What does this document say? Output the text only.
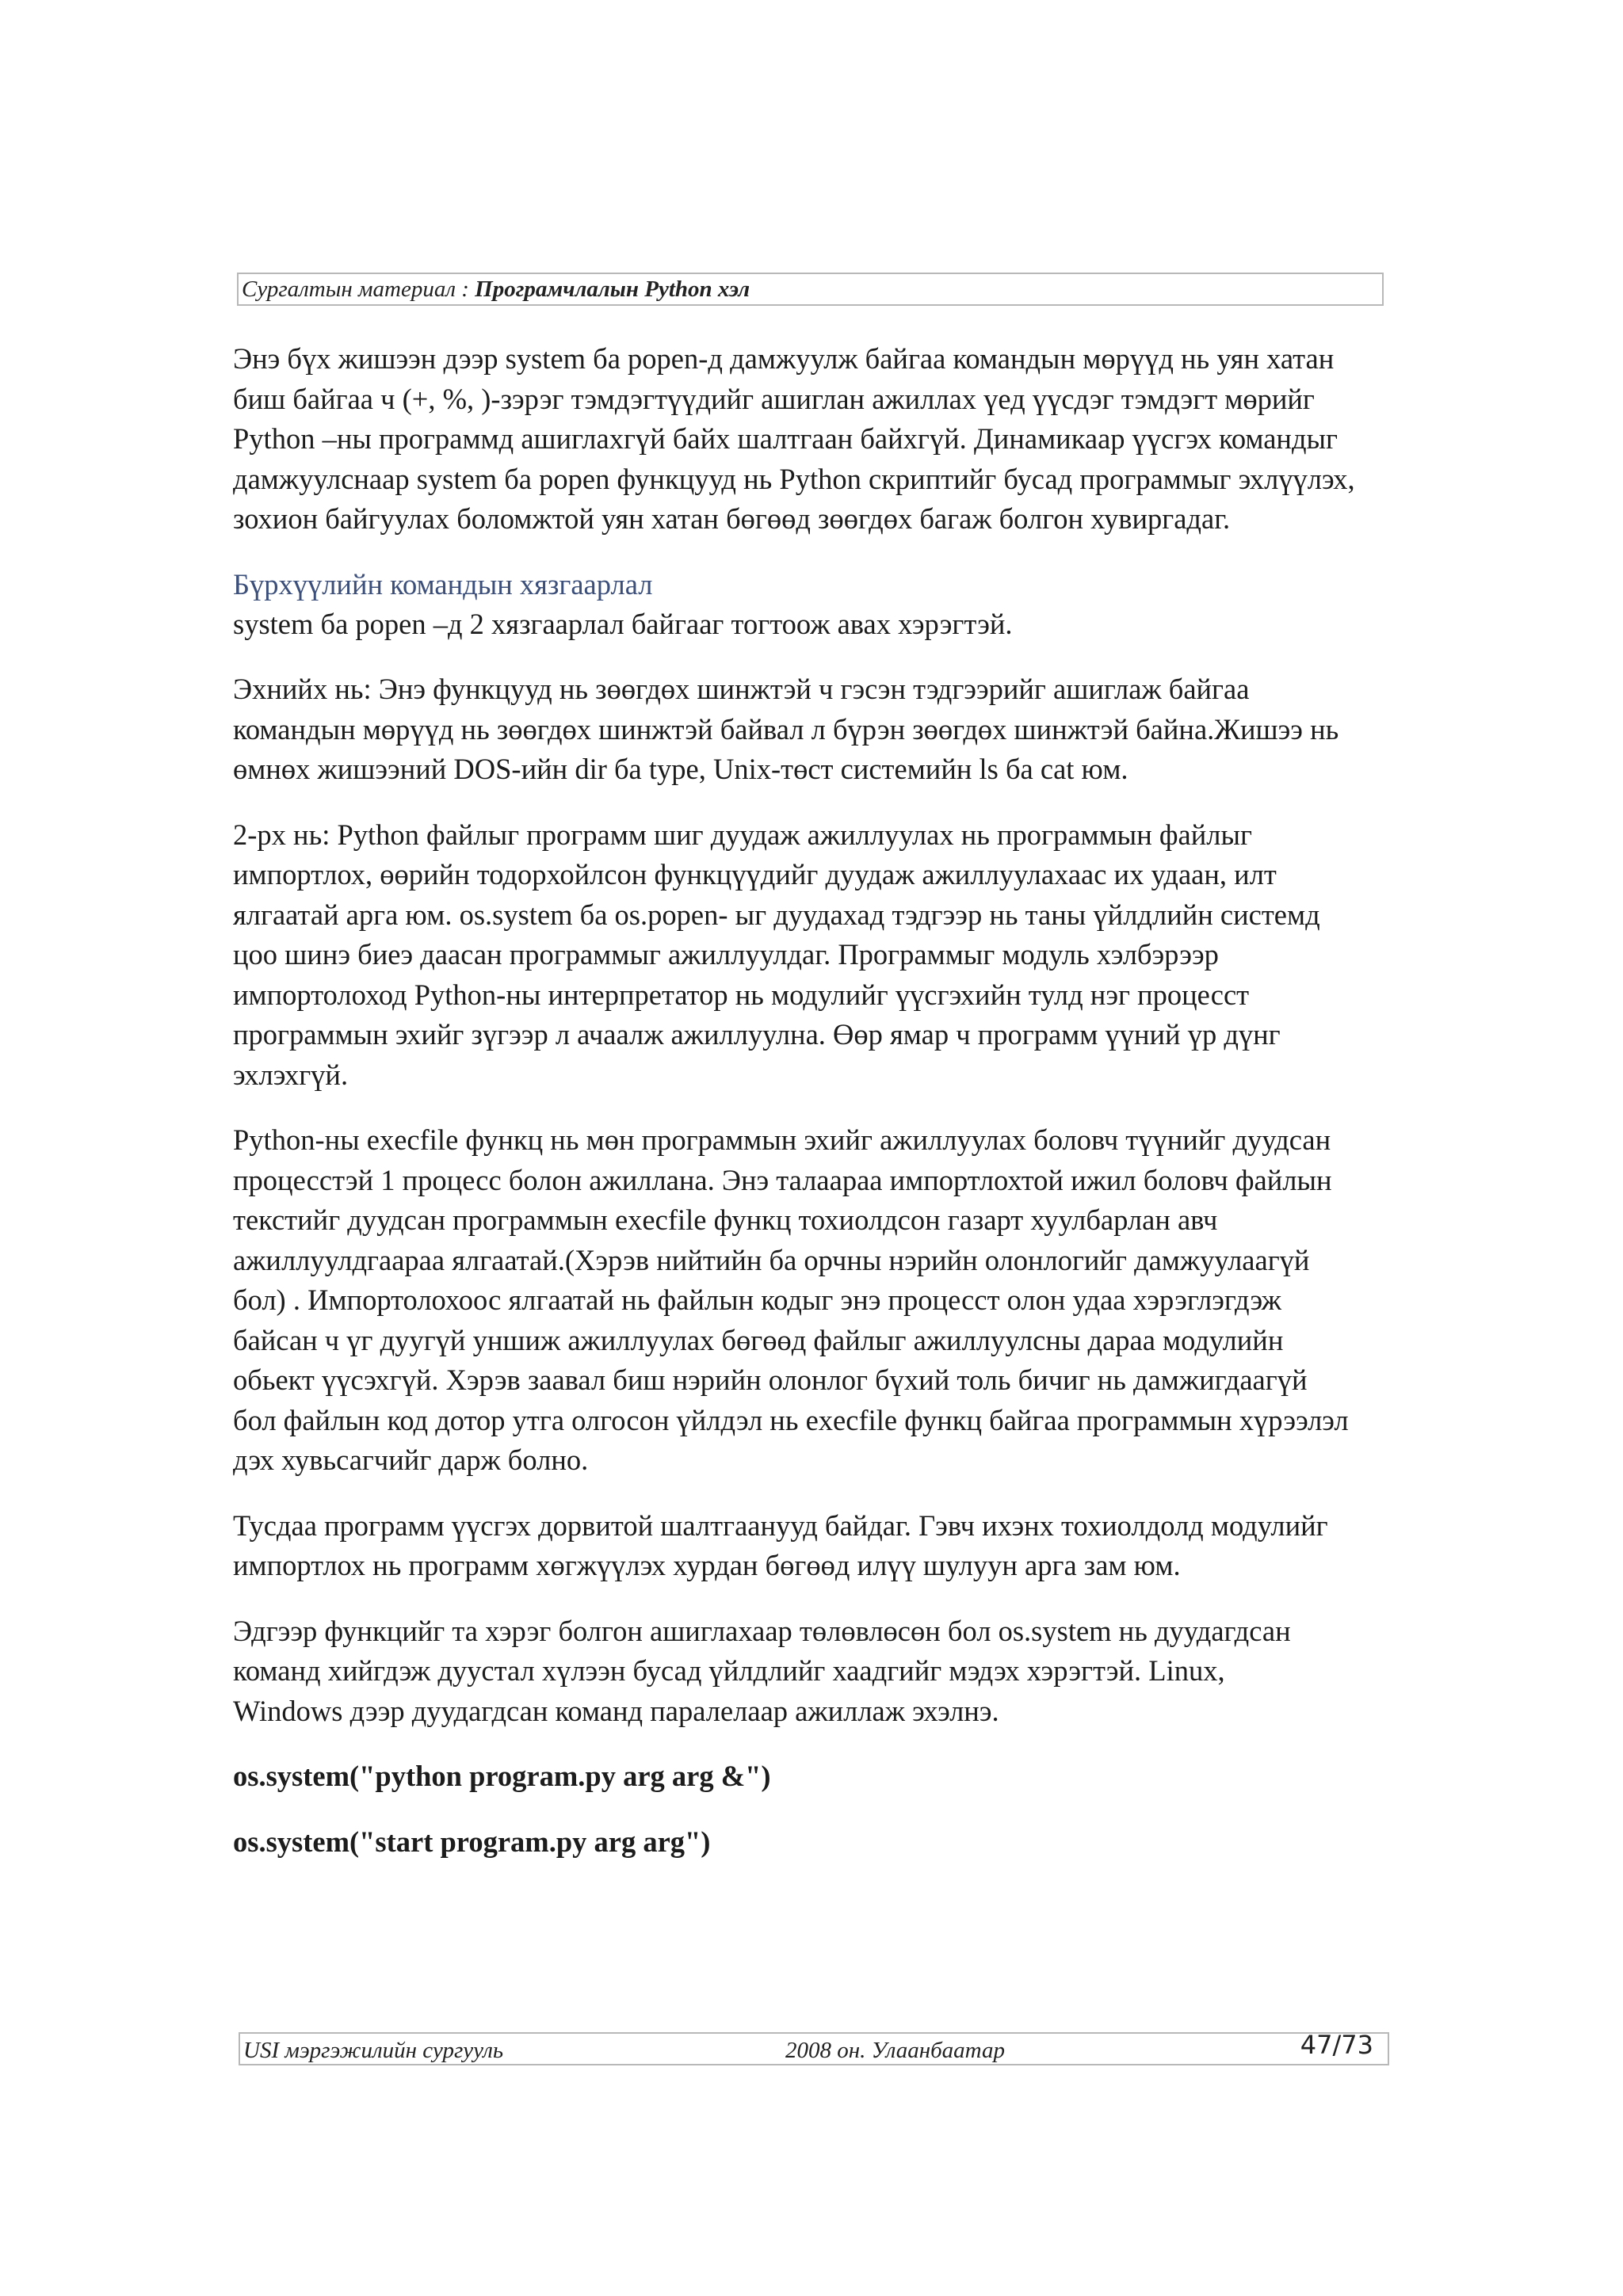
Сургалтын материал : Програмчлалын Python хэл

Энэ бүх жишээн дээр system ба popen-д дамжуулж байгаа командын мөрүүд нь уян хатан
биш байгаа ч (+, %, )-зэрэг тэмдэгтүүдийг ашиглан ажиллах үед үүсдэг тэмдэгт мөрийг
Python –ны программд ашиглахгүй байх шалтгаан байхгүй. Динамикаар үүсгэх командыг
дамжуулснаар system ба popen функцууд нь Python скриптийг бусад программыг эхлүүлэх,
зохион байгуулах боломжтой уян хатан бөгөөд зөөгдөх багаж болгон хувиргадаг.

Бүрхүүлийн командын хязгаарлал

system ба popen –д 2 хязгаарлал байгааг тогтоож авах хэрэгтэй.

Эхнийх нь: Энэ функцууд нь зөөгдөх шинжтэй ч гэсэн тэдгээрийг ашиглаж байгаа
командын мөрүүд нь зөөгдөх шинжтэй байвал л бүрэн зөөгдөх шинжтэй байна.Жишээ нь
өмнөх жишээний DOS-ийн dir ба type, Unix-төст системийн ls ба cat юм.

2-рх нь: Python файлыг программ шиг дуудаж ажиллуулах нь программын файлыг
импортлох, өөрийн тодорхойлсон функцүүдийг дуудаж ажиллуулахаас их удаан, илт
ялгаатай арга юм. os.system ба os.popen- ыг дуудахад тэдгээр нь таны үйлдлийн системд
цоо шинэ биеэ даасан программыг ажиллуулдаг. Программыг модуль хэлбэрээр
импортолоход Python-ны интерпретатор нь модулийг үүсгэхийн тулд нэг процесст
программын эхийг зүгээр л ачаалж ажиллуулна. Өөр ямар ч программ үүний үр дүнг
эхлэхгүй.

Python-ны execfile функц нь мөн программын эхийг ажиллуулах боловч түүнийг дуудсан
процесстэй 1 процесс болон ажиллана. Энэ талаараа импортлохтой ижил боловч файлын
текстийг дуудсан программын execfile функц тохиолдсон газарт хуулбарлан авч
ажиллуулдгаараа ялгаатай.(Хэрэв нийтийн ба орчны нэрийн олонлогийг дамжуулаагүй
бол) . Импортолохоос ялгаатай нь файлын кодыг энэ процесст олон удаа хэрэглэгдэж
байсан ч үг дуугүй уншиж ажиллуулах бөгөөд файлыг ажиллуулсны дараа модулийн
обьект үүсэхгүй. Хэрэв заавал биш нэрийн олонлог бүхий толь бичиг нь дамжигдаагүй
бол файлын код дотор утга олгосон үйлдэл нь execfile функц байгаа программын хүрээлэл
дэх хувьсагчийг дарж болно.

Тусдаа программ үүсгэх дорвитой шалтгаанууд байдаг. Гэвч ихэнх тохиолдолд модулийг
импортлох нь программ хөгжүүлэх хурдан бөгөөд илүү шулуун арга зам юм.

Эдгээр функцийг та хэрэг болгон ашиглахаар төлөвлөсөн бол os.system нь дуудагдсан
команд хийгдэж дуустал хүлээн бусад үйлдлийг хаадгийг мэдэх хэрэгтэй. Linux,
Windows дээр дуудагдсан команд паралелаар ажиллаж эхэлнэ.

os.system("python program.py arg arg &")

os.system("start program.py arg arg")

USI мэргэжилийн сургууль	2008 он. Улаанбаатар	47/73
